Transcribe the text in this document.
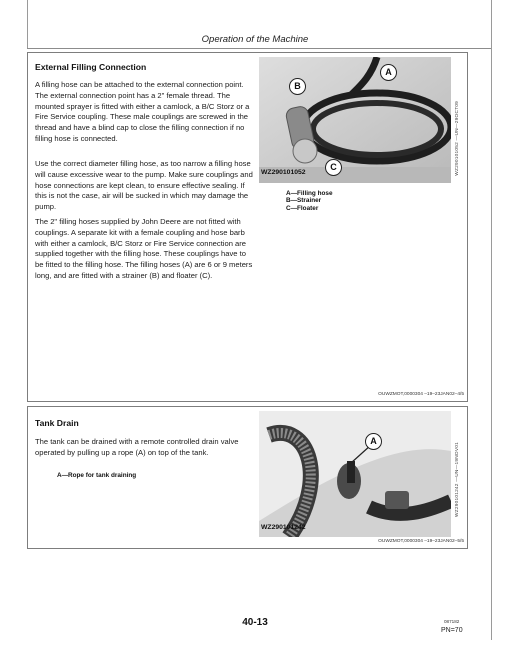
Operation of the Machine
External Filling Connection

A filling hose can be attached to the external connection point. The external connection point has a 2" female thread. The mounted sprayer is fitted with either a camlock, a B/C Storz or a Fire Service coupling. These male couplings are screwed in the thread and have a blind cap to close the filling connection if no filling hose is connected.

Use the correct diameter filling hose, as too narrow a filling hose will cause excessive wear to the pump. Make sure couplings and hose connections are kept clean, to ensure effective sealing. If this is not the case, air will be sucked in which may damage the pump.

The 2" filling hoses supplied by John Deere are not fitted with couplings. A separate kit with a female coupling and hose barb with either a camlock, B/C Storz or Fire Service connection are supplied together with the filling hose. These couplings have to be fitted to the filling hose. The filling hoses (A) are 6 or 9 meters long, and are fitted with a strainer (B) and floater (C).

A
B
C
WZ290101052	WZ290101052 —UN—29OCT09
A—Filling hose
B—Strainer
C—Floater
OUWZMOT,0000304 –19–23JAN02–4/5
Tank Drain

The tank can be drained with a remote controlled drain valve operated by pulling up a rope (A) on top of the tank.

A—Rope for tank draining
A
WZ290101242
WZ290101242 —UN—19NOV01
OUWZMOT,0000304 –19–23JAN02–5/5
40-13	087182
PN=70
